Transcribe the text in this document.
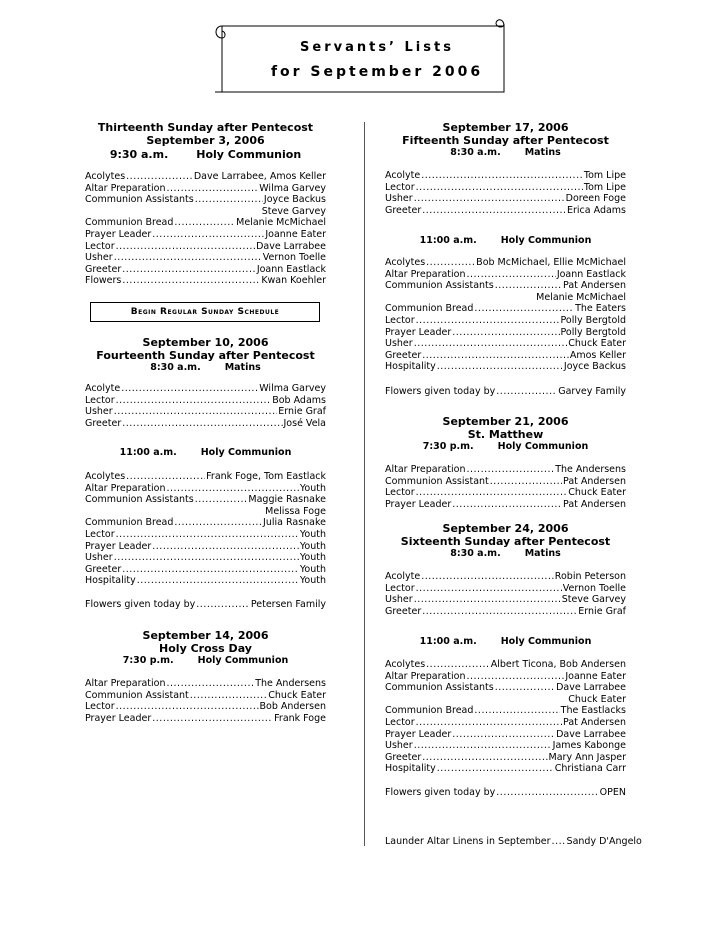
Servants’ Lists
for September 2006
Thirteenth Sunday after Pentecost
September 3, 2006
9:30 a.m.	Holy Communion
Acolytes .....	Dave Larrabee, Amos Keller
Altar Preparation .....	Wilma Garvey
Communion Assistants .....	Joyce Backus
Steve Garvey
Communion Bread .....	Melanie McMichael
Prayer Leader .....	Joanne Eater
Lector .....	Dave Larrabee
Usher .....	Vernon Toelle
Greeter .....	Joann Eastlack
Flowers .....	Kwan Koehler
Begin Regular Sunday Schedule
September 10, 2006
Fourteenth Sunday after Pentecost
8:30 a.m.	Matins
Acolyte .....	Wilma Garvey
Lector .....	Bob Adams
Usher .....	Ernie Graf
Greeter .....	José Vela
11:00 a.m.	Holy Communion
Acolytes .....	Frank Foge, Tom Eastlack
Altar Preparation .....	Youth
Communion Assistants .....	Maggie Rasnake
Melissa Foge
Communion Bread .....	Julia Rasnake
Lector .....	Youth
Prayer Leader .....	Youth
Usher .....	Youth
Greeter .....	Youth
Hospitality .....	Youth
Flowers given today by .....	Petersen Family
September 14, 2006
Holy Cross Day
7:30 p.m.	Holy Communion
Altar Preparation .....	The Andersens
Communion Assistant .....	Chuck Eater
Lector .....	Bob Andersen
Prayer Leader .....	Frank Foge
September 17, 2006
Fifteenth Sunday after Pentecost
8:30 a.m.	Matins
Acolyte .....	Tom Lipe
Lector .....	Tom Lipe
Usher .....	Doreen Foge
Greeter .....	Erica Adams
11:00 a.m.	Holy Communion
Acolytes .....	Bob McMichael, Ellie McMichael
Altar Preparation .....	Joann Eastlack
Communion Assistants .....	Pat Andersen
Melanie McMichael
Communion Bread .....	The Eaters
Lector .....	Polly Bergtold
Prayer Leader .....	Polly Bergtold
Usher .....	Chuck Eater
Greeter .....	Amos Keller
Hospitality .....	Joyce Backus
Flowers given today by .....	Garvey Family
September 21, 2006
St. Matthew
7:30 p.m.	Holy Communion
Altar Preparation .....	The Andersens
Communion Assistant .....	Pat Andersen
Lector .....	Chuck Eater
Prayer Leader .....	Pat Andersen
September 24, 2006
Sixteenth Sunday after Pentecost
8:30 a.m.	Matins
Acolyte .....	Robin Peterson
Lector .....	Vernon Toelle
Usher .....	Steve Garvey
Greeter .....	Ernie Graf
11:00 a.m.	Holy Communion
Acolytes .....	Albert Ticona, Bob Andersen
Altar Preparation .....	Joanne Eater
Communion Assistants .....	Dave Larrabee
Chuck Eater
Communion Bread .....	The Eastlacks
Lector .....	Pat Andersen
Prayer Leader .....	Dave Larrabee
Usher .....	James Kabonge
Greeter .....	Mary Ann Jasper
Hospitality .....	Christiana Carr
Flowers given today by .....	OPEN
Launder Altar Linens in September ..... Sandy D'Angelo
